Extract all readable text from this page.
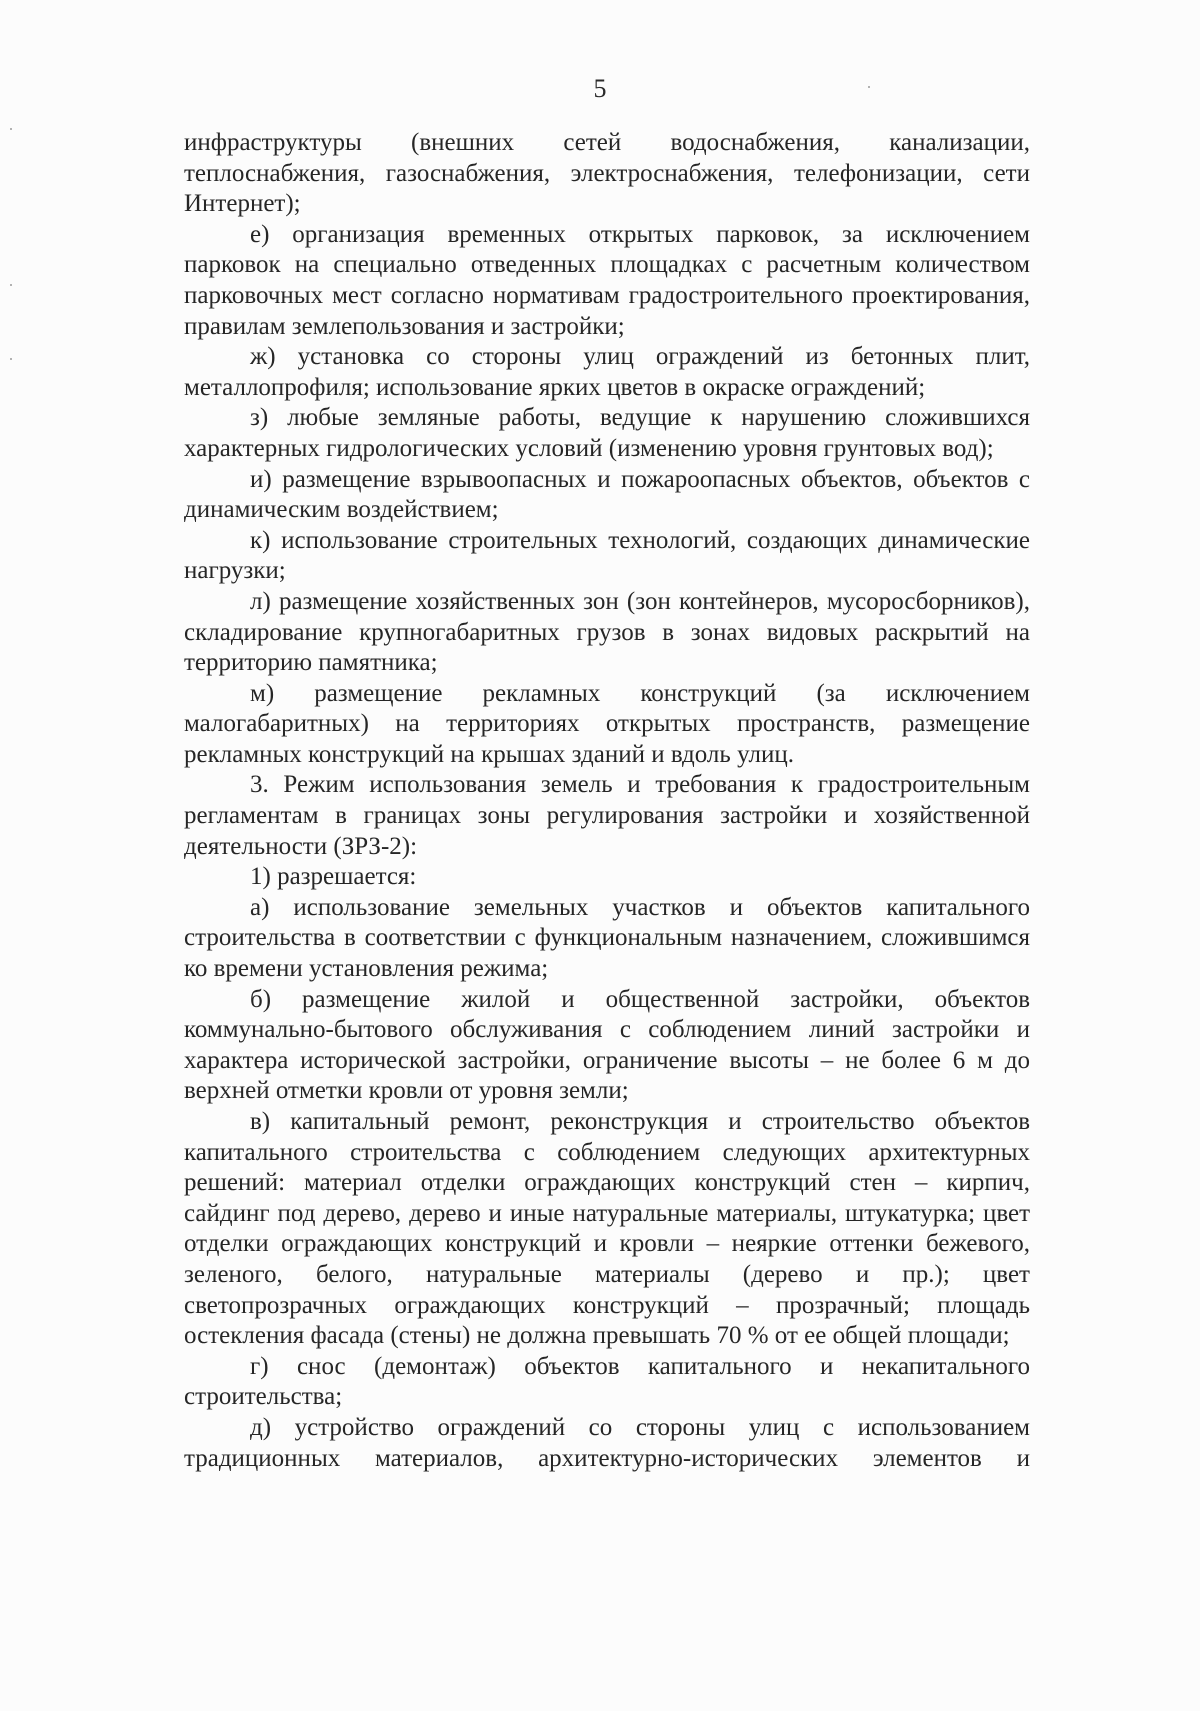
5

инфраструктуры (внешних сетей водоснабжения, канализации, теплоснабжения, газоснабжения, электроснабжения, телефонизации, сети Интернет);

е) организация временных открытых парковок, за исключением парковок на специально отведенных площадках с расчетным количеством парковочных мест согласно нормативам градостроительного проектирования, правилам землепользования и застройки;

ж) установка со стороны улиц ограждений из бетонных плит, металлопрофиля; использование ярких цветов в окраске ограждений;

з) любые земляные работы, ведущие к нарушению сложившихся характерных гидрологических условий (изменению уровня грунтовых вод);

и) размещение взрывоопасных и пожароопасных объектов, объектов с динамическим воздействием;

к) использование строительных технологий, создающих динамические нагрузки;

л) размещение хозяйственных зон (зон контейнеров, мусоросборников), складирование крупногабаритных грузов в зонах видовых раскрытий на территорию памятника;

м) размещение рекламных конструкций (за исключением малогабаритных) на территориях открытых пространств, размещение рекламных конструкций на крышах зданий и вдоль улиц.

3. Режим использования земель и требования к градостроительным регламентам в границах зоны регулирования застройки и хозяйственной деятельности (ЗРЗ-2):

1) разрешается:

а) использование земельных участков и объектов капитального строительства в соответствии с функциональным назначением, сложившимся ко времени установления режима;

б) размещение жилой и общественной застройки, объектов коммунально-бытового обслуживания с соблюдением линий застройки и характера исторической застройки, ограничение высоты – не более 6 м до верхней отметки кровли от уровня земли;

в) капитальный ремонт, реконструкция и строительство объектов капитального строительства с соблюдением следующих архитектурных решений: материал отделки ограждающих конструкций стен – кирпич, сайдинг под дерево, дерево и иные натуральные материалы, штукатурка; цвет отделки ограждающих конструкций и кровли – неяркие оттенки бежевого, зеленого, белого, натуральные материалы (дерево и пр.); цвет светопрозрачных ограждающих конструкций – прозрачный; площадь остекления фасада (стены) не должна превышать 70 % от ее общей площади;

г) снос (демонтаж) объектов капитального и некапитального строительства;

д) устройство ограждений со стороны улиц с использованием традиционных материалов, архитектурно-исторических элементов и
